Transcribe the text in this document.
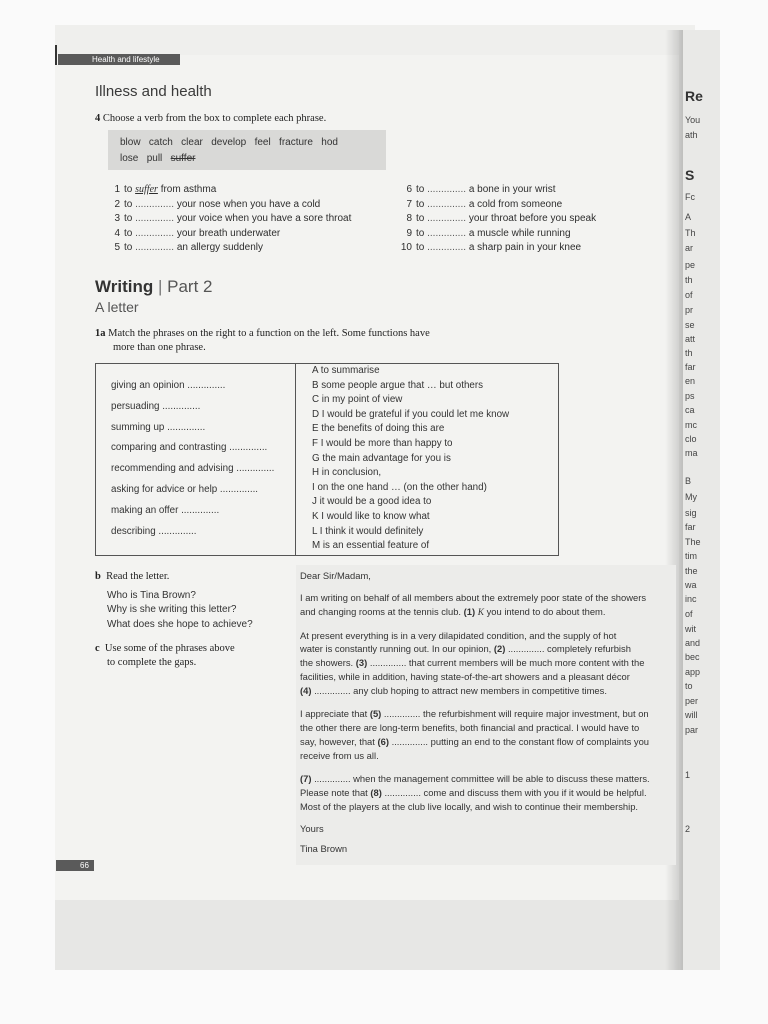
Re
You
ath
S
Fc
A
Th
ar
pe
th
of
pr
se
att
th
far
en
ps
ca
mc
clo
ma
B
My
sig
far
The
tim
the
wa
inc
of
wit
and
bec
app
to
per
will
par
1
2
Health and lifestyle
Illness and health
4 Choose a verb from the box to complete each phrase.
blow catch clear develop feel fracture hod
lose pull suffer
1 to suffer from asthma
2 to .............. your nose when you have a cold
3 to .............. your voice when you have a sore throat
4 to .............. your breath underwater
5 to .............. an allergy suddenly
6 to .............. a bone in your wrist
7 to .............. a cold from someone
8 to .............. your throat before you speak
9 to .............. a muscle while running
10 to .............. a sharp pain in your knee
Writing | Part 2
A letter
1a Match the phrases on the right to a function on the left. Some functions have
more than one phrase.
giving an opinion ..............
persuading ..............
summing up ..............
comparing and contrasting ..............
recommending and advising ..............
asking for advice or help ..............
making an offer ..............
describing ..............
A to summarise
B some people argue that … but others
C in my point of view
D I would be grateful if you could let me know
E the benefits of doing this are
F I would be more than happy to
G the main advantage for you is
H in conclusion,
I on the one hand … (on the other hand)
J it would be a good idea to
K I would like to know what
L I think it would definitely
M is an essential feature of
b Read the letter.
Who is Tina Brown?
Why is she writing this letter?
What does she hope to achieve?
c Use some of the phrases above
to complete the gaps.
Dear Sir/Madam,
I am writing on behalf of all members about the extremely poor state of the showers
and changing rooms at the tennis club. (1) K you intend to do about them.
At present everything is in a very dilapidated condition, and the supply of hot
water is constantly running out. In our opinion, (2) .............. completely refurbish
the showers. (3) .............. that current members will be much more content with the
facilities, while in addition, having state-of-the-art showers and a pleasant décor
(4) .............. any club hoping to attract new members in competitive times.
I appreciate that (5) .............. the refurbishment will require major investment, but on
the other there are long-term benefits, both financial and practical. I would have to
say, however, that (6) .............. putting an end to the constant flow of complaints you
receive from us all.
(7) .............. when the management committee will be able to discuss these matters.
Please note that (8) .............. come and discuss them with you if it would be helpful.
Most of the players at the club live locally, and wish to continue their membership.
Yours
Tina Brown
66
